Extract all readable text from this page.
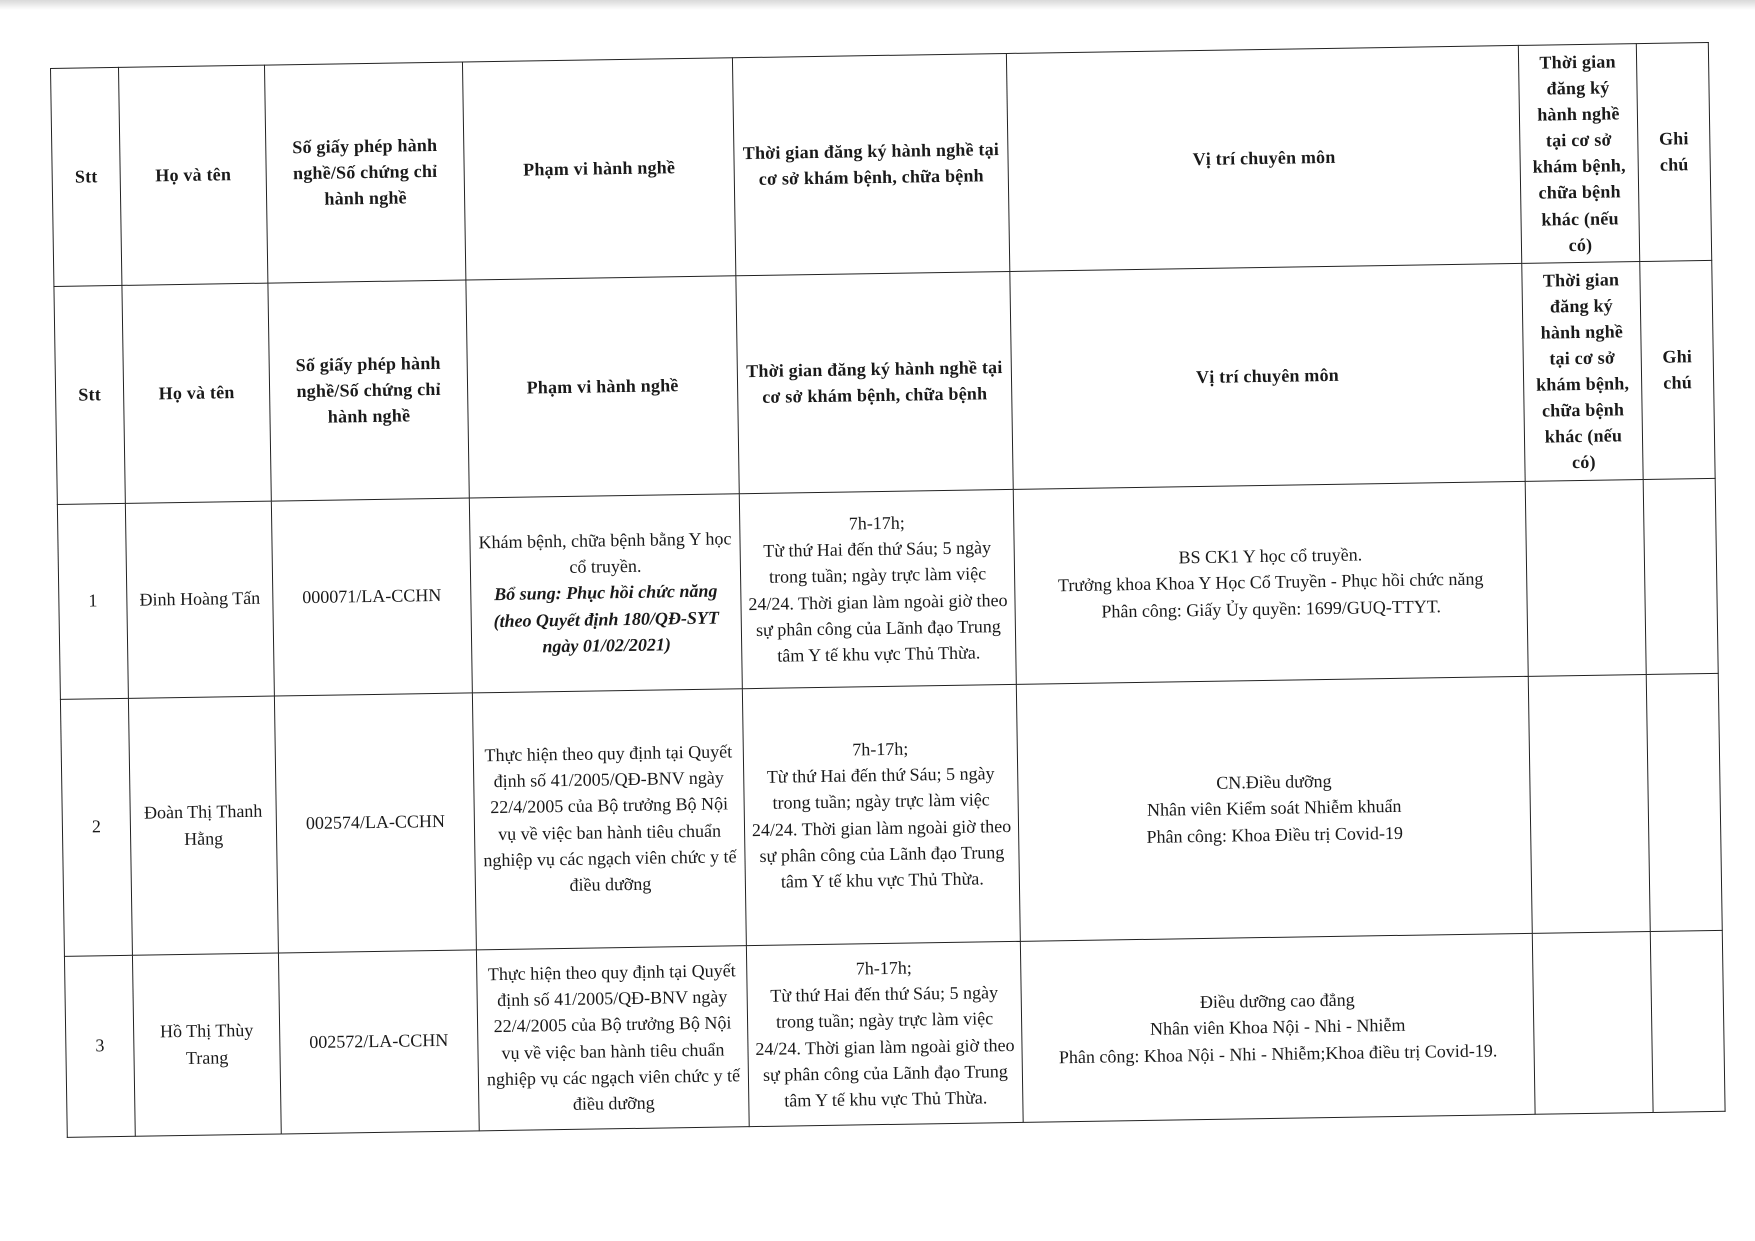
Stt	Họ và tên	Số giấy phép hành nghề/Số chứng chỉ hành nghề	Phạm vi hành nghề	Thời gian đăng ký hành nghề tại cơ sở khám bệnh, chữa bệnh	Vị trí chuyên môn	Thời gian đăng ký hành nghề tại cơ sở khám bệnh, chữa bệnh khác (nếu có)	Ghi chú
Stt	Họ và tên	Số giấy phép hành nghề/Số chứng chỉ hành nghề	Phạm vi hành nghề	Thời gian đăng ký hành nghề tại cơ sở khám bệnh, chữa bệnh	Vị trí chuyên môn	Thời gian đăng ký hành nghề tại cơ sở khám bệnh, chữa bệnh khác (nếu có)	Ghi chú
1	Đinh Hoàng Tấn	000071/LA-CCHN	Khám bệnh, chữa bệnh bằng Y học cổ truyền.
Bổ sung: Phục hồi chức năng (theo Quyết định 180/QĐ-SYT ngày 01/02/2021)	7h-17h;
Từ thứ Hai đến thứ Sáu; 5 ngày trong tuần; ngày trực làm việc 24/24. Thời gian làm ngoài giờ theo sự phân công của Lãnh đạo Trung tâm Y tế khu vực Thủ Thừa.	BS CK1 Y học cổ truyền.
Trưởng khoa Khoa Y Học Cổ Truyền - Phục hồi chức năng
Phân công: Giấy Ủy quyền: 1699/GUQ-TTYT.		

2	Đoàn Thị Thanh Hằng	002574/LA-CCHN	Thực hiện theo quy định tại Quyết định số 41/2005/QĐ-BNV ngày 22/4/2005 của Bộ trưởng Bộ Nội vụ về việc ban hành tiêu chuẩn nghiệp vụ các ngạch viên chức y tế điều dưỡng	7h-17h;
Từ thứ Hai đến thứ Sáu; 5 ngày trong tuần; ngày trực làm việc 24/24. Thời gian làm ngoài giờ theo sự phân công của Lãnh đạo Trung tâm Y tế khu vực Thủ Thừa.	CN.Điều dưỡng
Nhân viên Kiểm soát Nhiễm khuẩn
Phân công: Khoa Điều trị Covid-19		

3	Hồ Thị Thùy Trang	002572/LA-CCHN	Thực hiện theo quy định tại Quyết định số 41/2005/QĐ-BNV ngày 22/4/2005 của Bộ trưởng Bộ Nội vụ về việc ban hành tiêu chuẩn nghiệp vụ các ngạch viên chức y tế điều dưỡng	7h-17h;
Từ thứ Hai đến thứ Sáu; 5 ngày trong tuần; ngày trực làm việc 24/24. Thời gian làm ngoài giờ theo sự phân công của Lãnh đạo Trung tâm Y tế khu vực Thủ Thừa.	Điều dưỡng cao đẳng
Nhân viên Khoa Nội - Nhi - Nhiễm
Phân công: Khoa Nội - Nhi - Nhiễm;Khoa điều trị Covid-19.		
